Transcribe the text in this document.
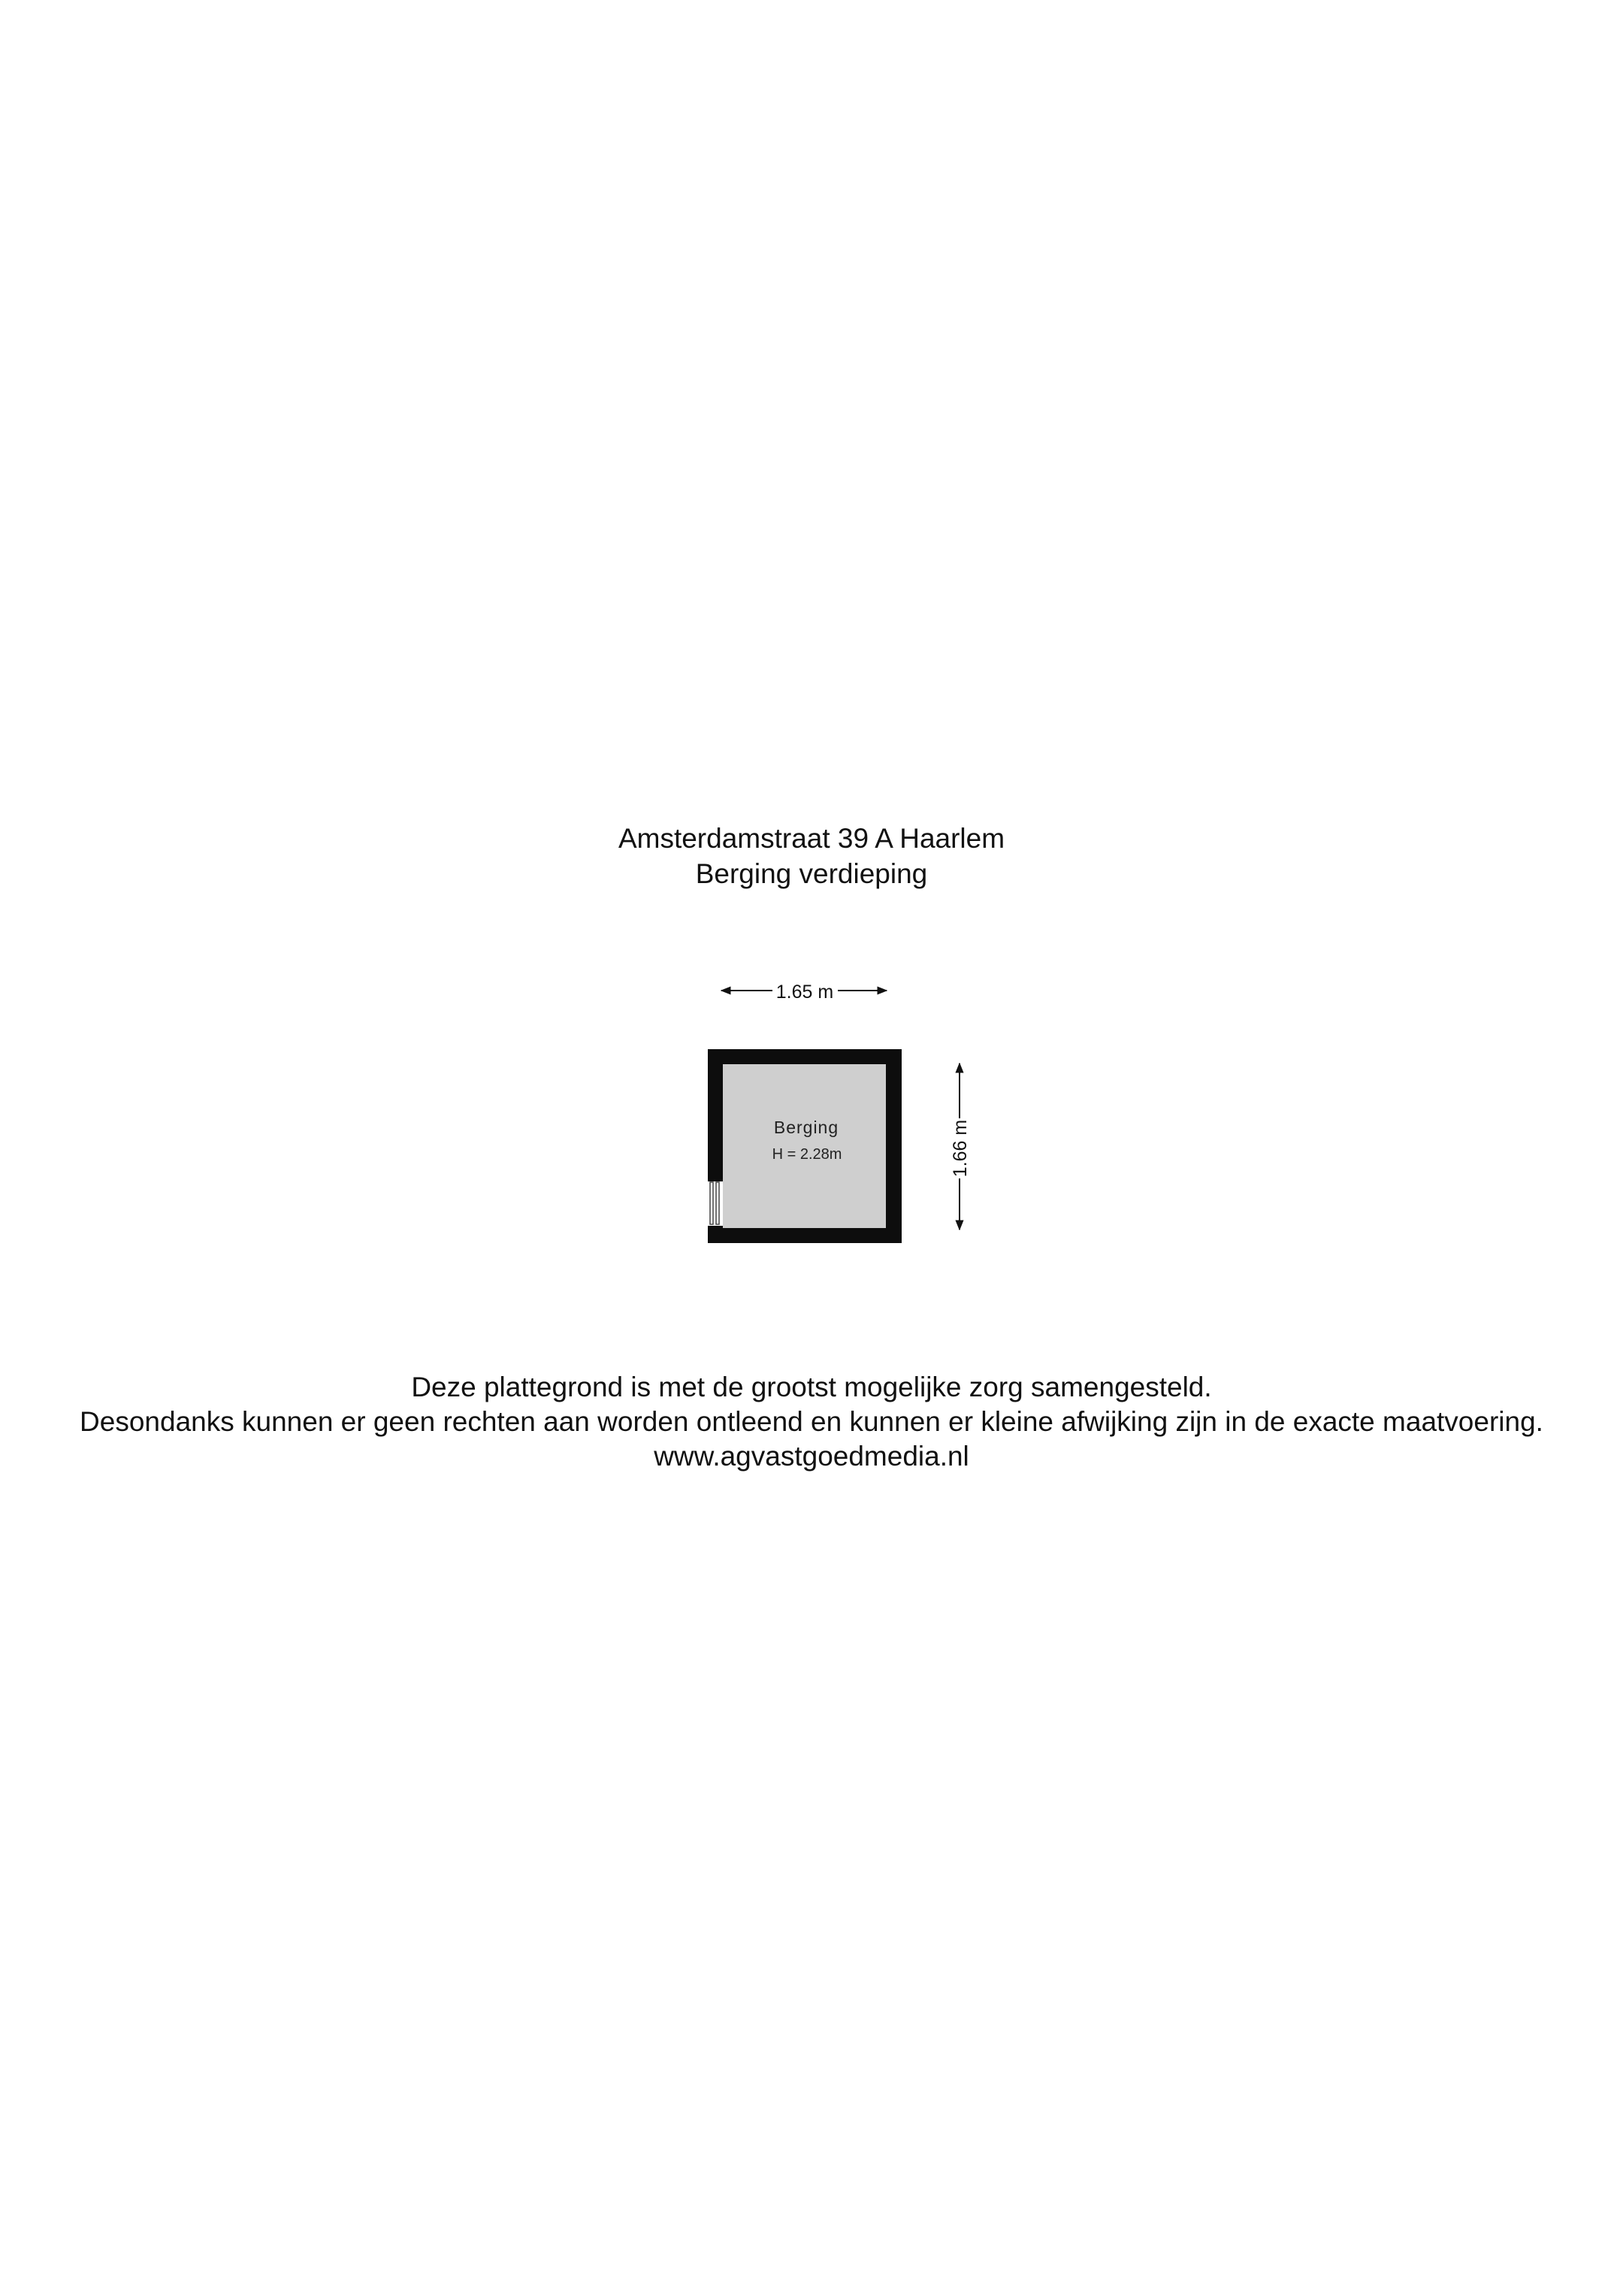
Amsterdamstraat 39 A Haarlem
Berging verdieping
1.65 m
1.66 m
Berging
H = 2.28m
Deze plattegrond is met de grootst mogelijke zorg samengesteld.
Desondanks kunnen er geen rechten aan worden ontleend en kunnen er kleine afwijking zijn in de exacte maatvoering.
www.agvastgoedmedia.nl
